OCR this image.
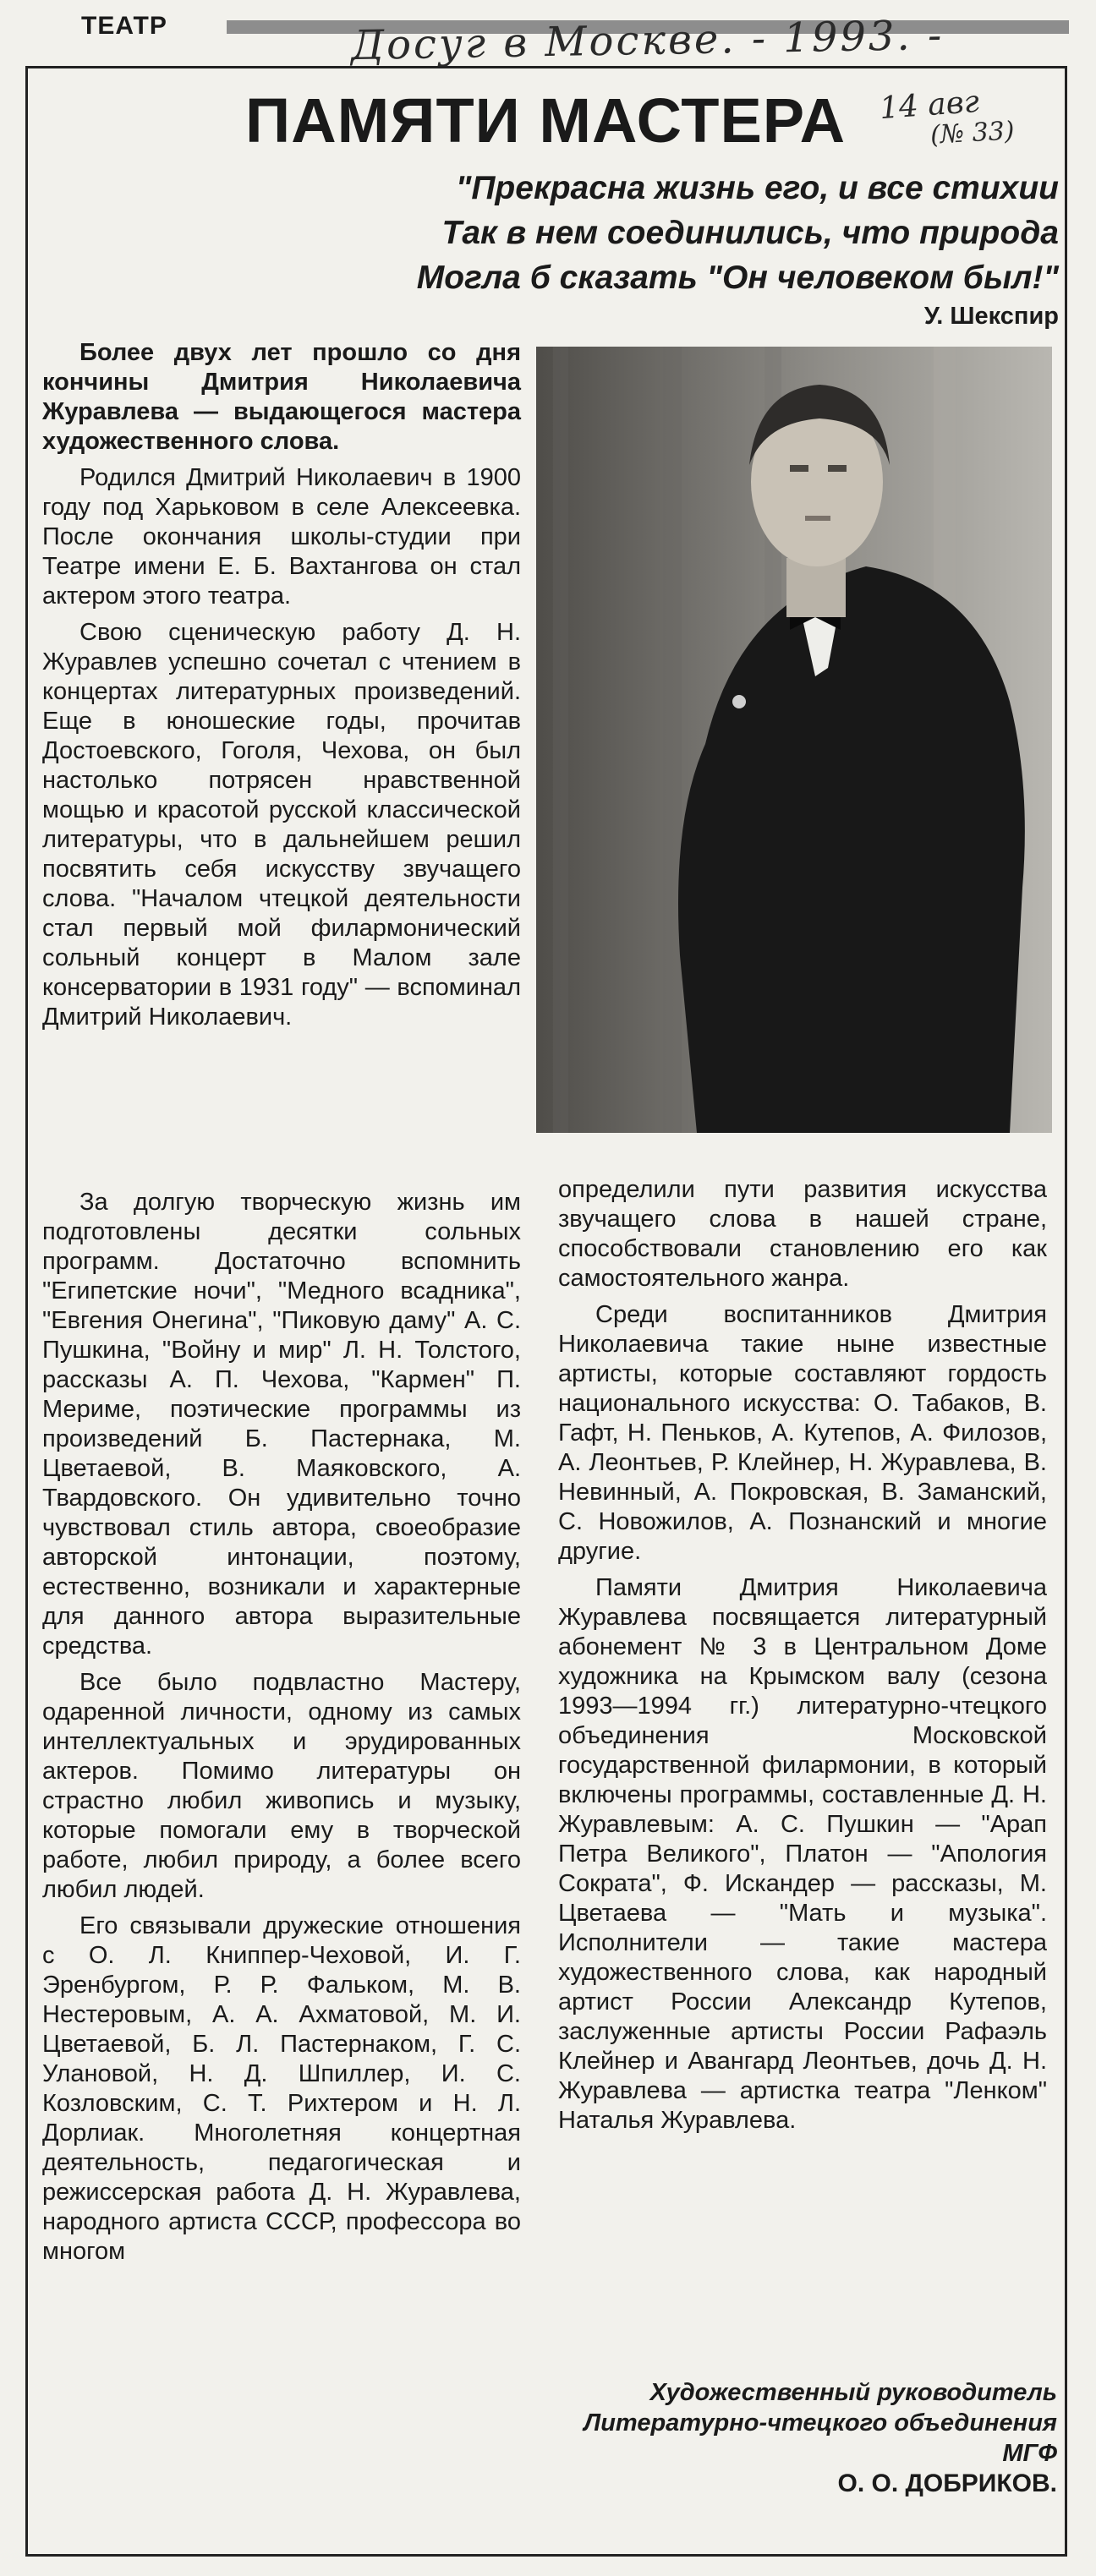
ТЕАТР	Досуг в Москве. - 1993. -
14 авг
(№ 33)
ПАМЯТИ МАСТЕРА
"Прекрасна жизнь его, и все стихии
Так в нем соединились, что природа
Могла б сказать "Он человеком был!"
У. Шекспир

Более двух лет прошло со дня кончины Дмитрия Николаевича Журавлева — выдающегося мастера художественного слова.

Родился Дмитрий Николаевич в 1900 году под Харьковом в селе Алексеевка. После окончания школы-студии при Театре имени Е. Б. Вахтангова он стал актером этого театра.

Свою сценическую работу Д. Н. Журавлев успешно сочетал с чтением в концертах литературных произведений. Еще в юношеские годы, прочитав Достоевского, Гоголя, Чехова, он был настолько потрясен нравственной мощью и красотой русской классической литературы, что в дальнейшем решил посвятить себя искусству звучащего слова. "Началом чтецкой деятельности стал первый мой филармонический сольный концерт в Малом зале консерватории в 1931 году" — вспоминал Дмитрий Николаевич.

За долгую творческую жизнь им подготовлены десятки сольных программ. Достаточно вспомнить "Египетские ночи", "Медного всадника", "Евгения Онегина", "Пиковую даму" А. С. Пушкина, "Войну и мир" Л. Н. Толстого, рассказы А. П. Чехова, "Кармен" П. Мериме, поэтические программы из произведений Б. Пастернака, М. Цветаевой, В. Маяковского, А. Твардовского. Он удивительно точно чувствовал стиль автора, своеобразие авторской интонации, поэтому, естественно, возникали и характерные для данного автора выразительные средства.

Все было подвластно Мастеру, одаренной личности, одному из самых интеллектуальных и эрудированных актеров. Помимо литературы он страстно любил живопись и музыку, которые помогали ему в творческой работе, любил природу, а более всего любил людей.

Его связывали дружеские отношения с О. Л. Книппер-Чеховой, И. Г. Эренбургом, Р. Р. Фальком, М. В. Нестеровым, А. А. Ахматовой, М. И. Цветаевой, Б. Л. Пастернаком, Г. С. Улановой, Н. Д. Шпиллер, И. С. Козловским, С. Т. Рихтером и Н. Л. Дорлиак. Многолетняя концертная деятельность, педагогическая и режиссерская работа Д. Н. Журавлева, народного артиста СССР, профессора во многом

определили пути развития искусства звучащего слова в нашей стране, способствовали становлению его как самостоятельного жанра.

Среди воспитанников Дмитрия Николаевича такие ныне известные артисты, которые составляют гордость национального искусства: О. Табаков, В. Гафт, Н. Пеньков, А. Кутепов, А. Филозов, А. Леонтьев, Р. Клейнер, Н. Журавлева, В. Невинный, А. Покровская, В. Заманский, С. Новожилов, А. Познанский и многие другие.

Памяти Дмитрия Николаевича Журавлева посвящается литературный абонемент № 3 в Центральном Доме художника на Крымском валу (сезона 1993—1994 гг.) литературно-чтецкого объединения Московской государственной филармонии, в который включены программы, составленные Д. Н. Журавлевым: А. С. Пушкин — "Арап Петра Великого", Платон — "Апология Сократа", Ф. Искандер — рассказы, М. Цветаева — "Мать и музыка". Исполнители — такие мастера художественного слова, как народный артист России Александр Кутепов, заслуженные артисты России Рафаэль Клейнер и Авангард Леонтьев, дочь Д. Н. Журавлева — артистка театра "Ленком" Наталья Журавлева.

Художественный руководитель
Литературно-чтецкого объединения МГФ
О. О. ДОБРИКОВ.
